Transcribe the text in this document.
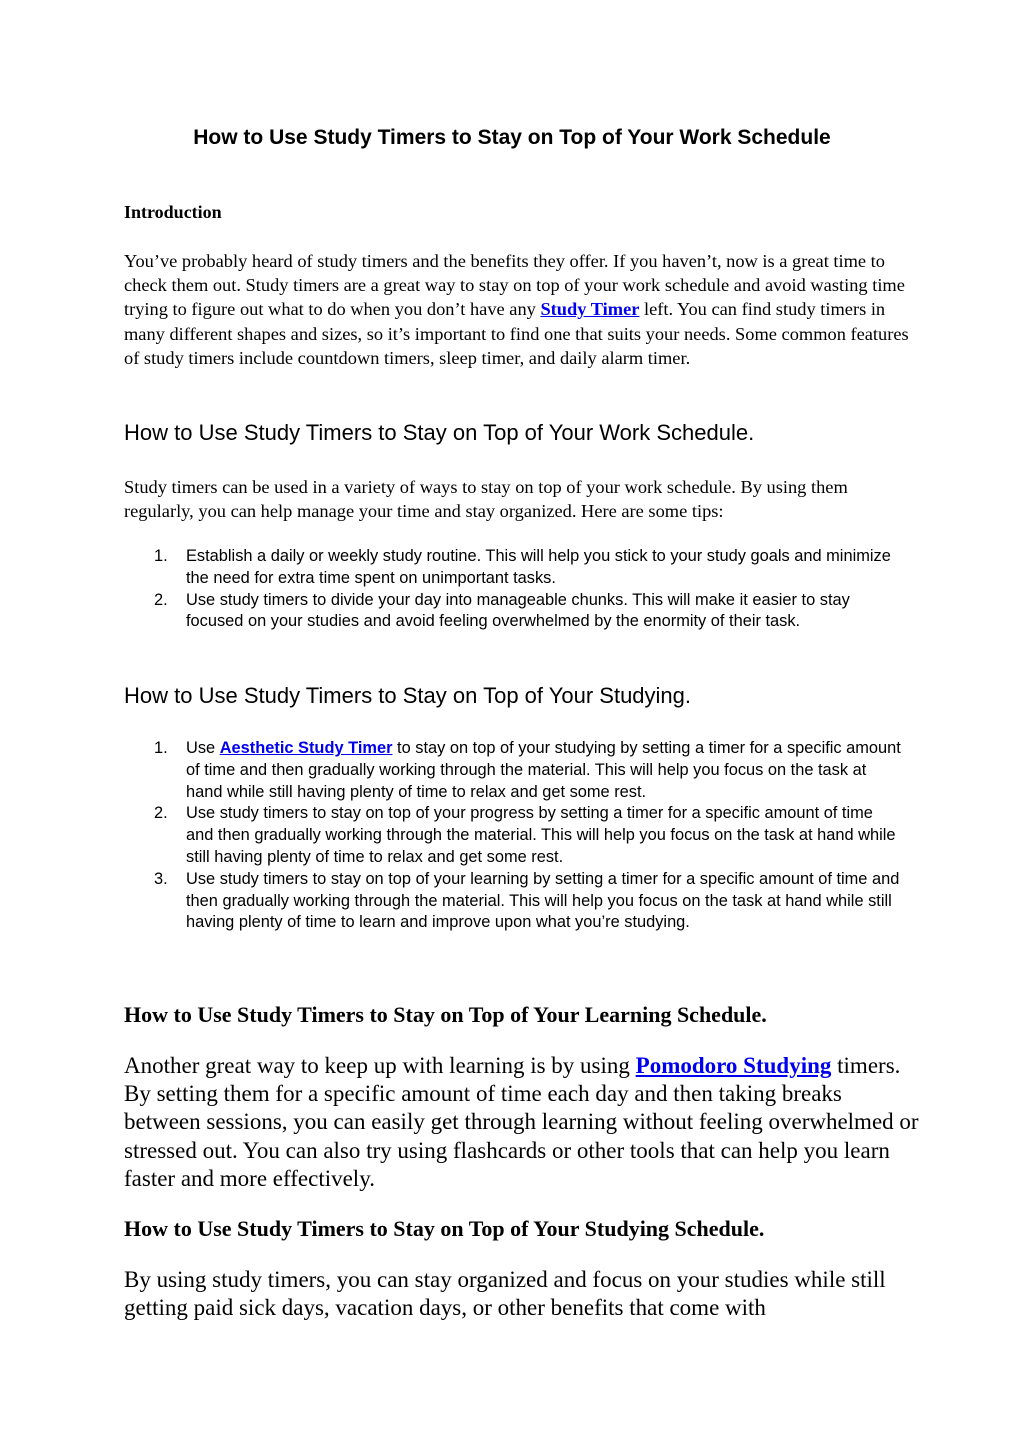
How to Use Study Timers to Stay on Top of Your Work Schedule
Introduction

You’ve probably heard of study timers and the benefits they offer. If you haven’t, now is a great time to check them out. Study timers are a great way to stay on top of your work schedule and avoid wasting time trying to figure out what to do when you don’t have any Study Timer left. You can find study timers in many different shapes and sizes, so it’s important to find one that suits your needs. Some common features of study timers include countdown timers, sleep timer, and daily alarm timer.

How to Use Study Timers to Stay on Top of Your Work Schedule.

Study timers can be used in a variety of ways to stay on top of your work schedule. By using them regularly, you can help manage your time and stay organized. Here are some tips:

1. Establish a daily or weekly study routine. This will help you stick to your study goals and minimize the need for extra time spent on unimportant tasks.
2. Use study timers to divide your day into manageable chunks. This will make it easier to stay focused on your studies and avoid feeling overwhelmed by the enormity of their task.
How to Use Study Timers to Stay on Top of Your Studying.
1. Use Aesthetic Study Timer to stay on top of your studying by setting a timer for a specific amount of time and then gradually working through the material. This will help you focus on the task at hand while still having plenty of time to relax and get some rest.
2. Use study timers to stay on top of your progress by setting a timer for a specific amount of time and then gradually working through the material. This will help you focus on the task at hand while still having plenty of time to relax and get some rest.
3. Use study timers to stay on top of your learning by setting a timer for a specific amount of time and then gradually working through the material. This will help you focus on the task at hand while still having plenty of time to learn and improve upon what you’re studying.
How to Use Study Timers to Stay on Top of Your Learning Schedule.

Another great way to keep up with learning is by using Pomodoro Studying timers. By setting them for a specific amount of time each day and then taking breaks between sessions, you can easily get through learning without feeling overwhelmed or stressed out. You can also try using flashcards or other tools that can help you learn faster and more effectively.

How to Use Study Timers to Stay on Top of Your Studying Schedule.

By using study timers, you can stay organized and focus on your studies while still getting paid sick days, vacation days, or other benefits that come with
